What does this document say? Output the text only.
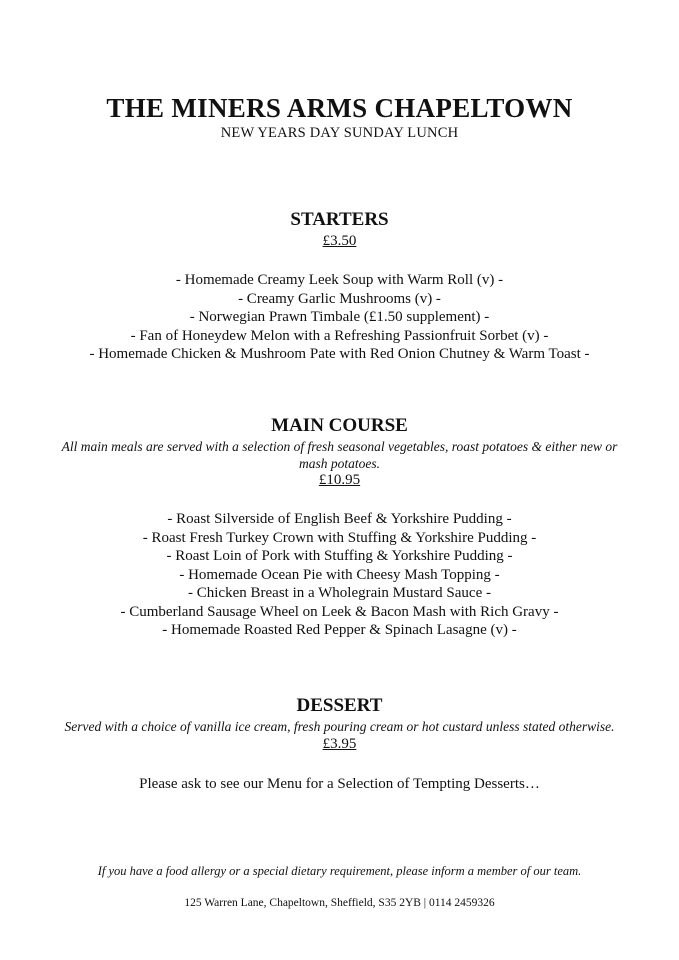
THE MINERS ARMS CHAPELTOWN
NEW YEARS DAY SUNDAY LUNCH
STARTERS
£3.50
- Homemade Creamy Leek Soup with Warm Roll (v) -
- Creamy Garlic Mushrooms (v) -
- Norwegian Prawn Timbale (£1.50 supplement) -
- Fan of Honeydew Melon with a Refreshing Passionfruit Sorbet (v) -
- Homemade Chicken & Mushroom Pate with Red Onion Chutney & Warm Toast -
MAIN COURSE
All main meals are served with a selection of fresh seasonal vegetables, roast potatoes & either new or
mash potatoes.
£10.95
- Roast Silverside of English Beef & Yorkshire Pudding -
- Roast Fresh Turkey Crown with Stuffing & Yorkshire Pudding -
- Roast Loin of Pork with Stuffing & Yorkshire Pudding -
- Homemade Ocean Pie with Cheesy Mash Topping -
- Chicken Breast in a Wholegrain Mustard Sauce -
- Cumberland Sausage Wheel on Leek & Bacon Mash with Rich Gravy -
- Homemade Roasted Red Pepper & Spinach Lasagne (v) -
DESSERT
Served with a choice of vanilla ice cream, fresh pouring cream or hot custard unless stated otherwise.
£3.95
Please ask to see our Menu for a Selection of Tempting Desserts…
If you have a food allergy or a special dietary requirement, please inform a member of our team.
125 Warren Lane, Chapeltown, Sheffield, S35 2YB | 0114 2459326
